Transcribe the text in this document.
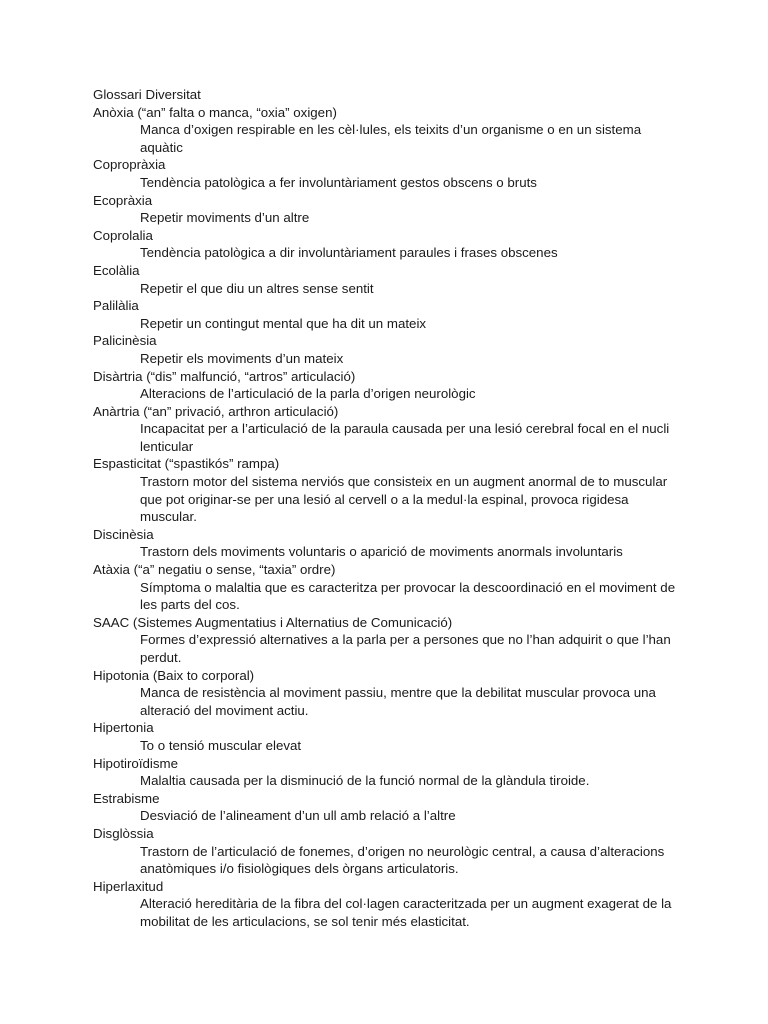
Glossari Diversitat

Anòxia (“an” falta o manca, “oxia” oxigen)

Manca d’oxigen respirable en les cèl·lules, els teixits d’un organisme o en un sistema aquàtic

Copropràxia

Tendència patològica a fer involuntàriament gestos obscens o bruts

Ecopràxia

Repetir moviments d’un altre

Coprolalia

Tendència patològica a dir involuntàriament paraules i frases obscenes

Ecolàlia

Repetir el que diu un altres sense sentit

Palilàlia

Repetir un contingut mental que ha dit un mateix

Palicinèsia

Repetir els moviments d’un mateix

Disàrtria (“dis” malfunció, “artros” articulació)

Alteracions de l’articulació de la parla d’origen neurològic

Anàrtria (“an” privació, arthron articulació)

Incapacitat per a l’articulació de la paraula causada per una lesió cerebral focal en el nucli lenticular

Espasticitat (“spastikós” rampa)

Trastorn motor del sistema nerviós que consisteix en un augment anormal de to muscular que pot originar-se per una lesió al cervell o a la medul·la espinal, provoca rigidesa muscular.

Discinèsia

Trastorn dels moviments voluntaris o aparició de moviments anormals involuntaris

Atàxia (“a” negatiu o sense, “taxia” ordre)

Símptoma o malaltia que es caracteritza per provocar la descoordinació en el moviment de les parts del cos.

SAAC (Sistemes Augmentatius i Alternatius de Comunicació)

Formes d’expressió alternatives a la parla per a persones que no l’han adquirit o que l’han perdut.

Hipotonia (Baix to corporal)

Manca de resistència al moviment passiu, mentre que la debilitat muscular provoca una alteració del moviment actiu.

Hipertonia

To o tensió muscular elevat

Hipotiroïdisme

Malaltia causada per la disminució de la funció normal de la glàndula tiroide.

Estrabisme

Desviació de l’alineament d’un ull amb relació a l’altre

Disglòssia

Trastorn de l’articulació de fonemes, d’origen no neurològic central, a causa d’alteracions anatòmiques i/o fisiològiques dels òrgans articulatoris.

Hiperlaxitud

Alteració hereditària de la fibra del col·lagen caracteritzada per un augment exagerat de la mobilitat de les articulacions, se sol tenir més elasticitat.
